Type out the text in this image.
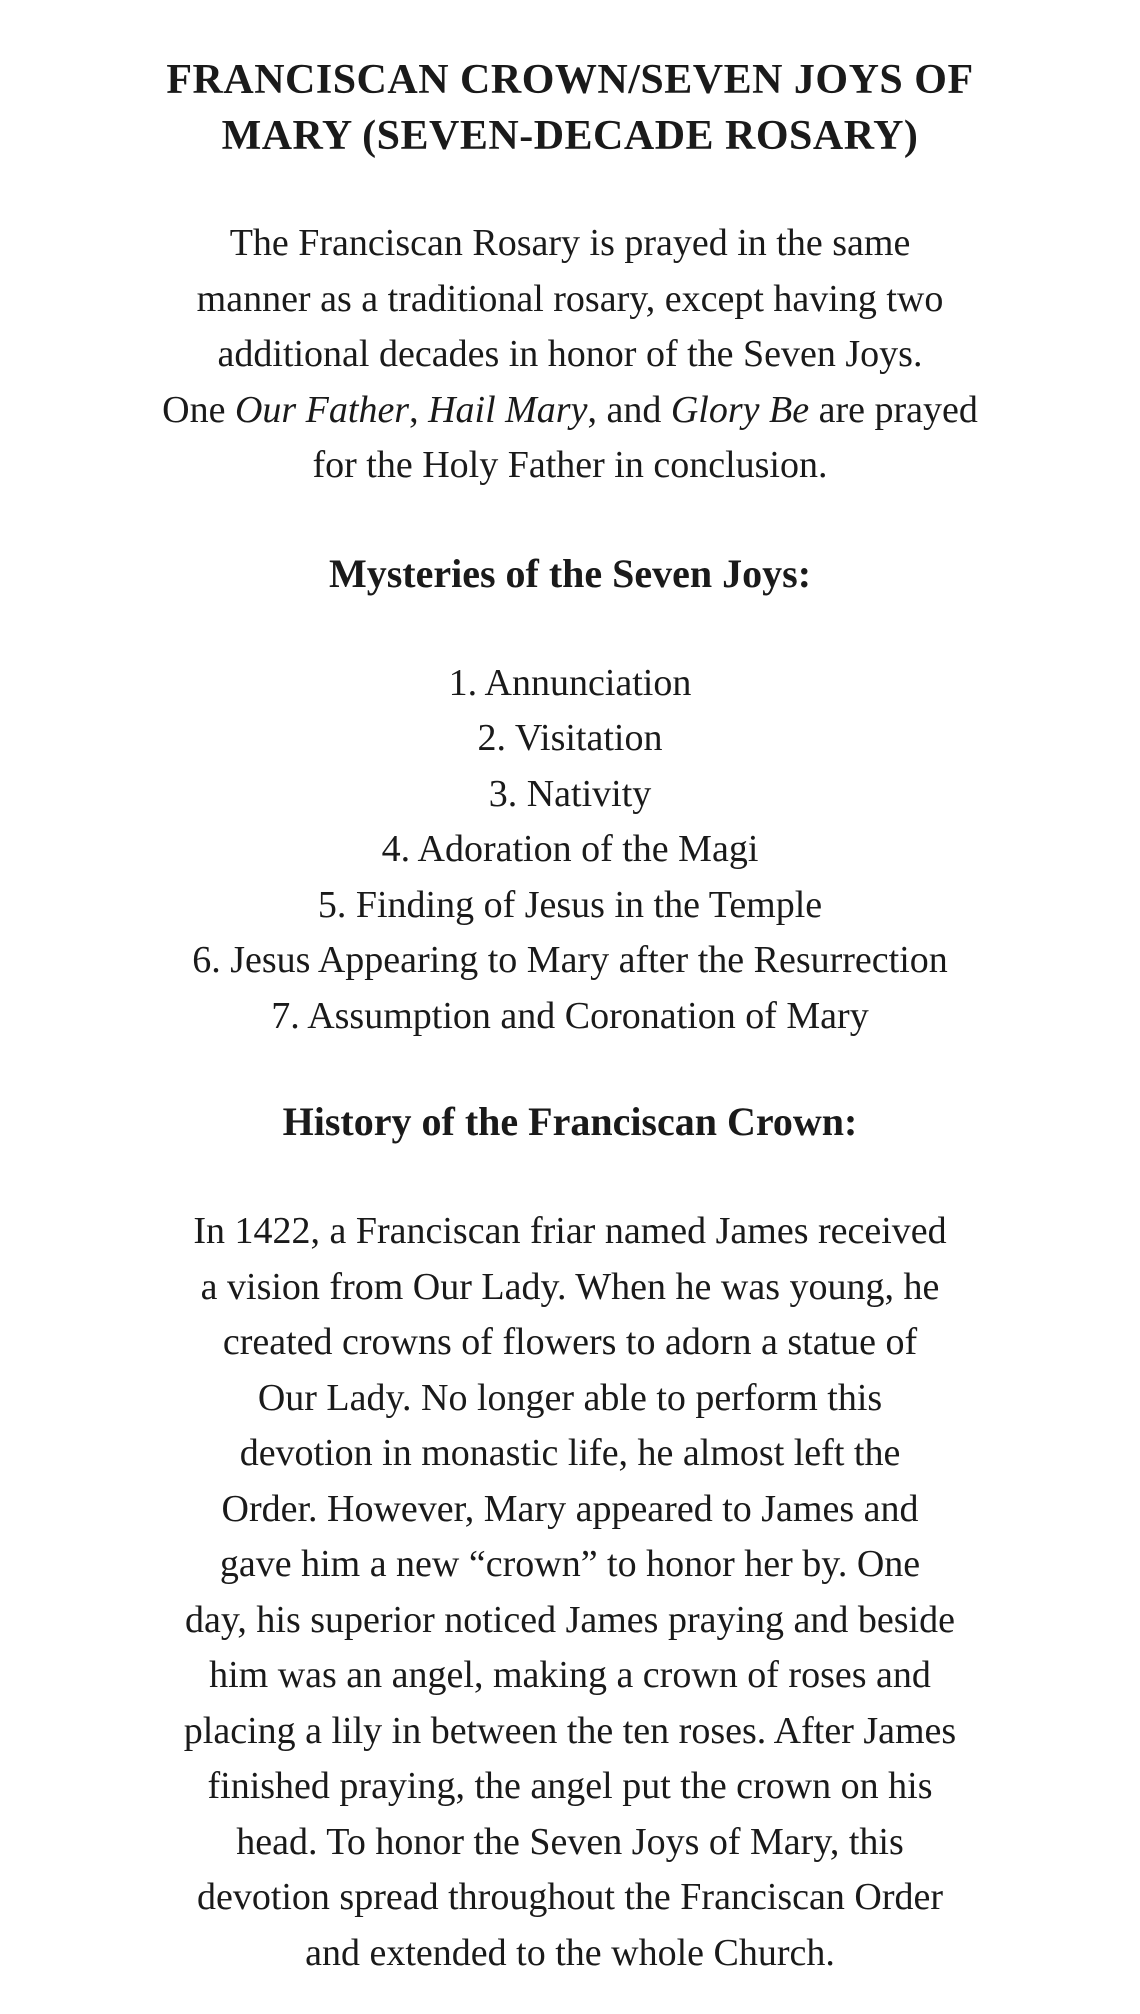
FRANCISCAN CROWN/SEVEN JOYS OF
MARY (SEVEN-DECADE ROSARY)

The Franciscan Rosary is prayed in the same
manner as a traditional rosary, except having two
additional decades in honor of the Seven Joys.
One Our Father, Hail Mary, and Glory Be are prayed
for the Holy Father in conclusion.

Mysteries of the Seven Joys:
1. Annunciation
2. Visitation
3. Nativity
4. Adoration of the Magi
5. Finding of Jesus in the Temple
6. Jesus Appearing to Mary after the Resurrection
7. Assumption and Coronation of Mary
History of the Franciscan Crown:

In 1422, a Franciscan friar named James received
a vision from Our Lady. When he was young, he
created crowns of flowers to adorn a statue of
Our Lady. No longer able to perform this
devotion in monastic life, he almost left the
Order. However, Mary appeared to James and
gave him a new “crown” to honor her by. One
day, his superior noticed James praying and beside
him was an angel, making a crown of roses and
placing a lily in between the ten roses. After James
finished praying, the angel put the crown on his
head. To honor the Seven Joys of Mary, this
devotion spread throughout the Franciscan Order
and extended to the whole Church.
